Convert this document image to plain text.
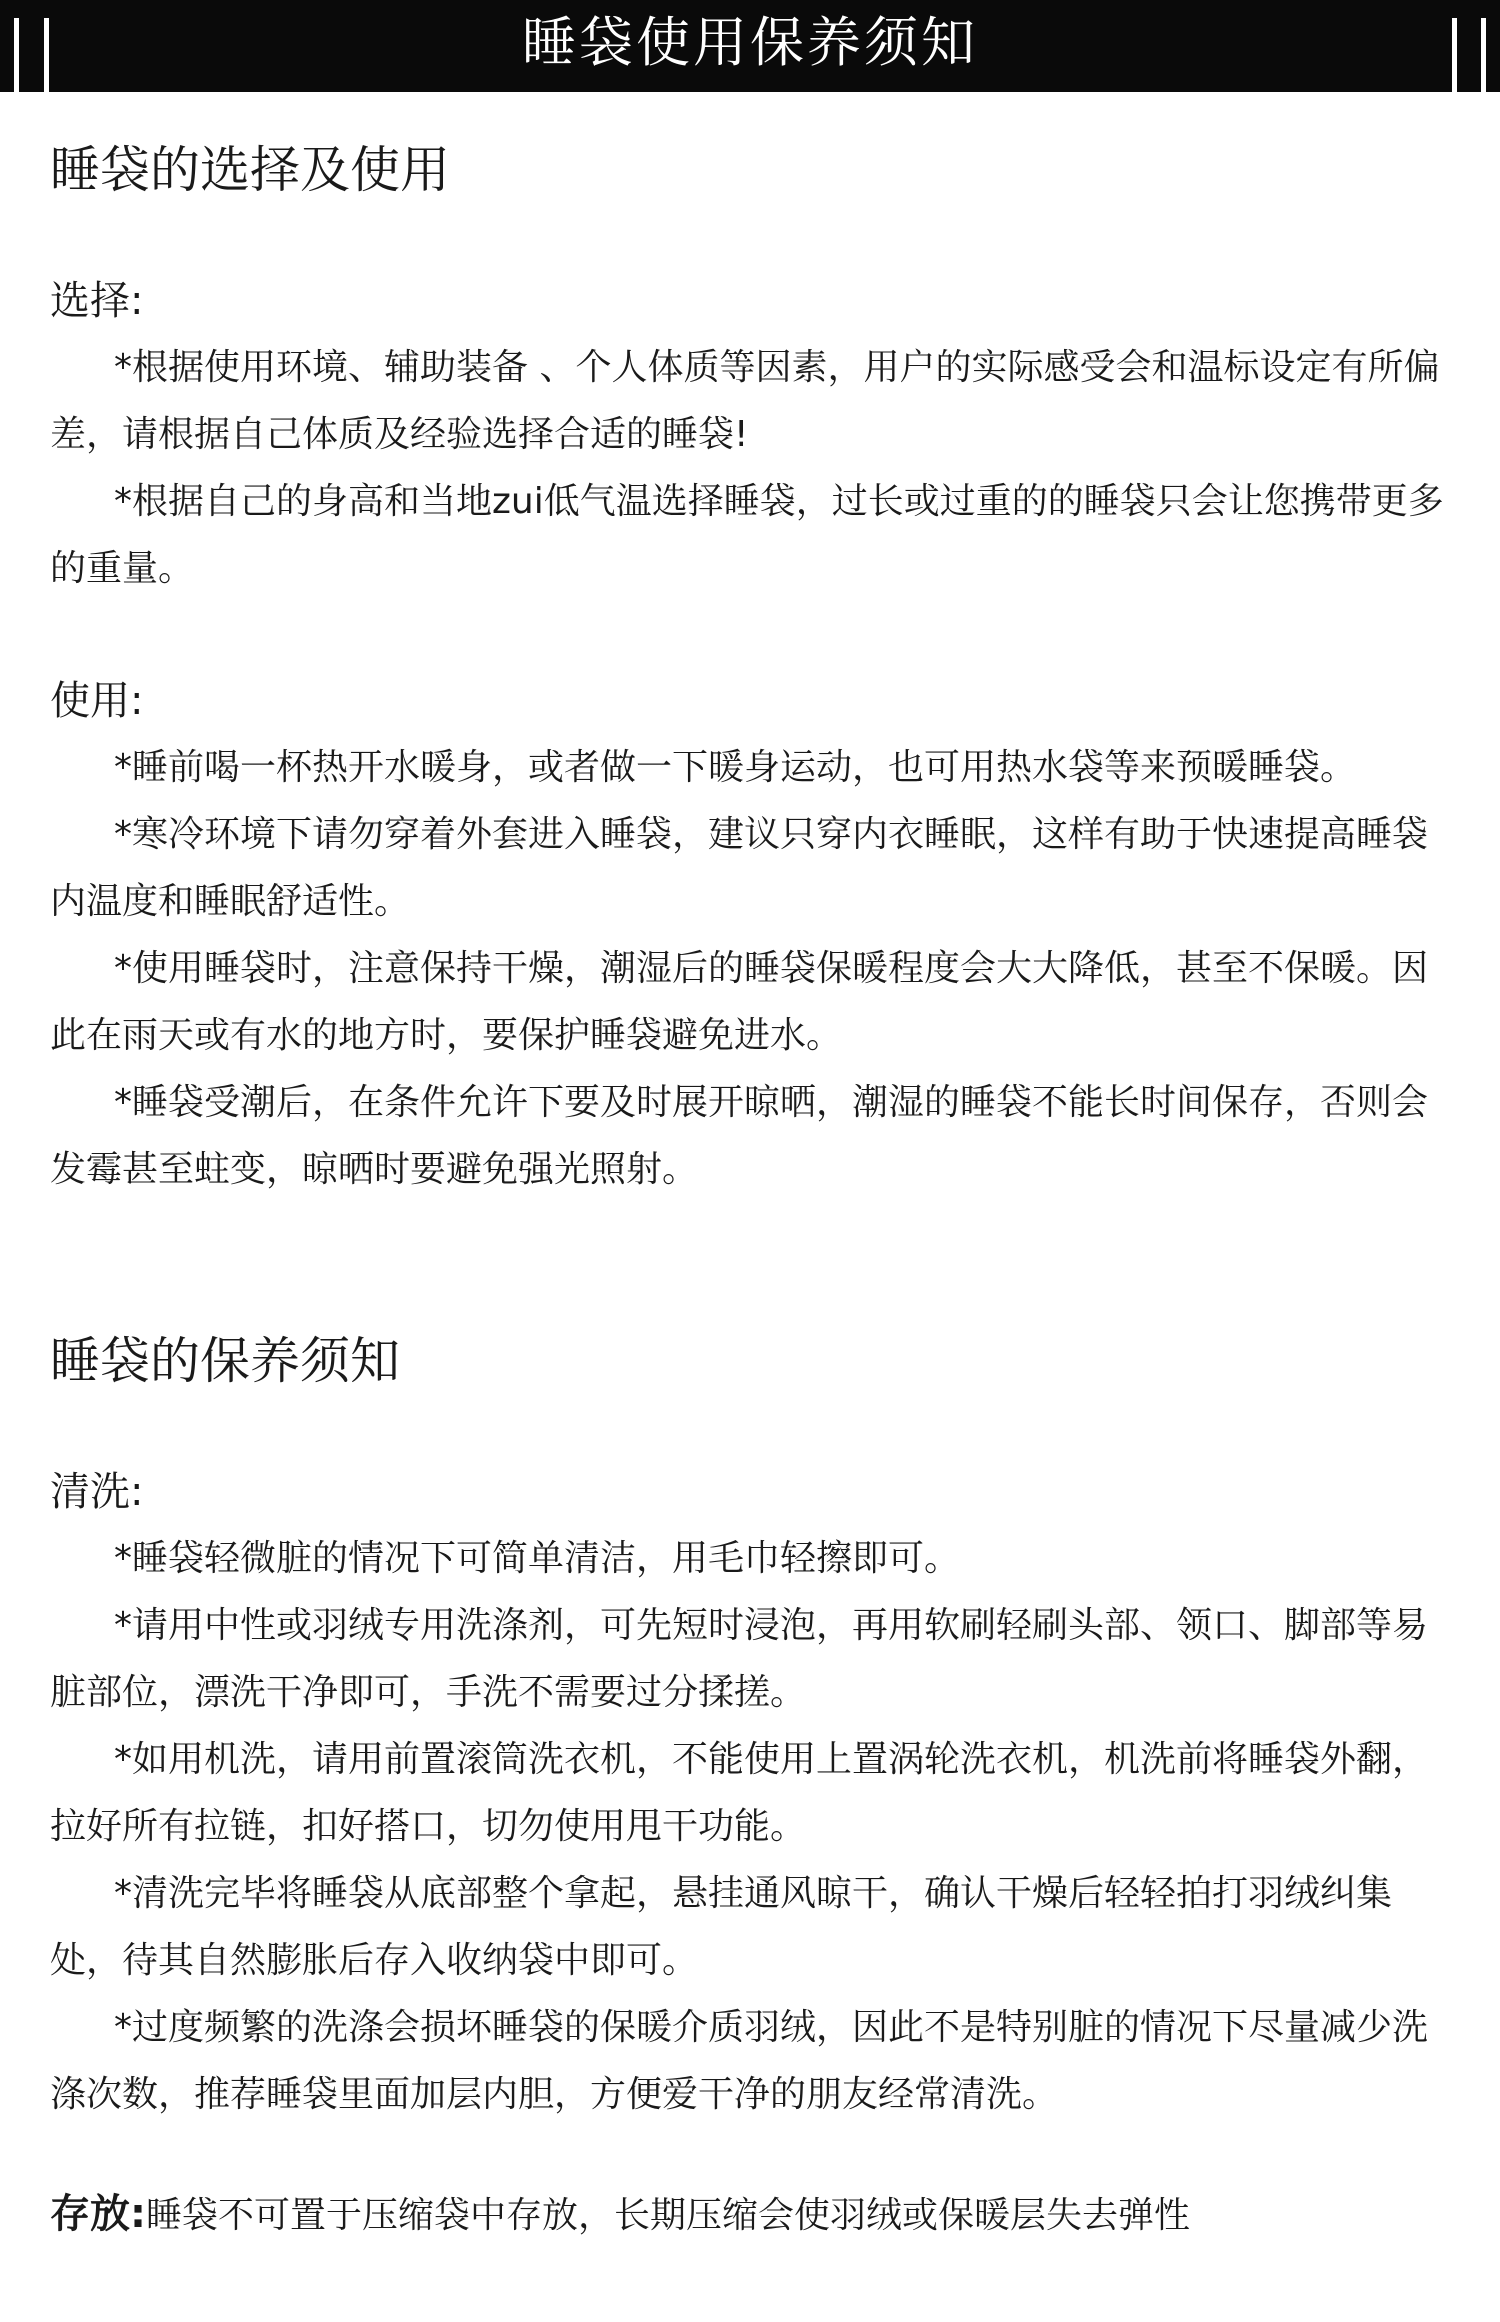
睡袋使用保养须知
睡袋的选择及使用

选择:

*根据使用环境、辅助装备 、个人体质等因素，用户的实际感受会和温标设定有所偏差，请根据自己体质及经验选择合适的睡袋!

*根据自己的身高和当地zui低气温选择睡袋，过长或过重的的睡袋只会让您携带更多的重量。

使用:

*睡前喝一杯热开水暖身，或者做一下暖身运动，也可用热水袋等来预暖睡袋。

*寒冷环境下请勿穿着外套进入睡袋，建议只穿内衣睡眠，这样有助于快速提高睡袋内温度和睡眠舒适性。

*使用睡袋时，注意保持干燥，潮湿后的睡袋保暖程度会大大降低，甚至不保暖。因此在雨天或有水的地方时，要保护睡袋避免进水。

*睡袋受潮后，在条件允许下要及时展开晾晒，潮湿的睡袋不能长时间保存，否则会发霉甚至蛀变，晾晒时要避免强光照射。

睡袋的保养须知

清洗:

*睡袋轻微脏的情况下可简单清洁，用毛巾轻擦即可。

*请用中性或羽绒专用洗涤剂，可先短时浸泡，再用软刷轻刷头部、领口、脚部等易脏部位，漂洗干净即可，手洗不需要过分揉搓。

*如用机洗，请用前置滚筒洗衣机，不能使用上置涡轮洗衣机，机洗前将睡袋外翻，拉好所有拉链，扣好搭口，切勿使用甩干功能。

*清洗完毕将睡袋从底部整个拿起，悬挂通风晾干，确认干燥后轻轻拍打羽绒纠集处，待其自然膨胀后存入收纳袋中即可。

*过度频繁的洗涤会损坏睡袋的保暖介质羽绒，因此不是特别脏的情况下尽量减少洗涤次数，推荐睡袋里面加层内胆，方便爱干净的朋友经常清洗。

存放:睡袋不可置于压缩袋中存放，长期压缩会使羽绒或保暖层失去弹性
